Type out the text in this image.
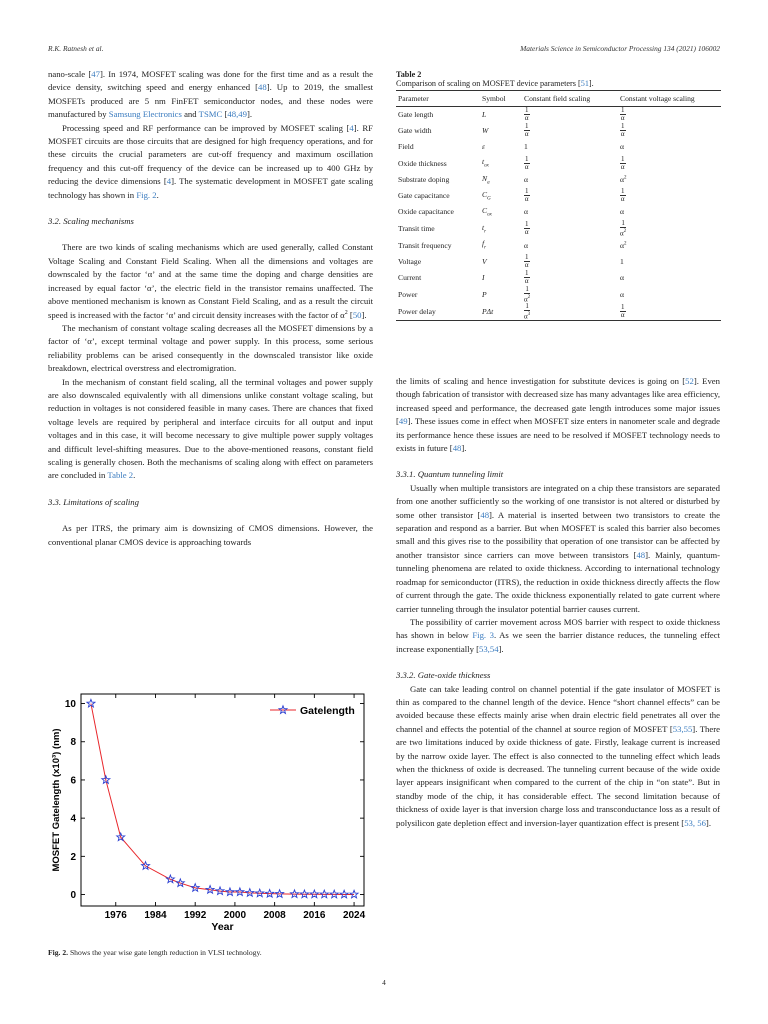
R.K. Ratnesh et al.	Materials Science in Semiconductor Processing 134 (2021) 106002

nano-scale [47]. In 1974, MOSFET scaling was done for the first time and as a result the device density, switching speed and energy enhanced [48]. Up to 2019, the smallest MOSFETs produced are 5 nm FinFET semiconductor nodes, and these nodes were manufactured by Samsung Electronics and TSMC [48,49].

Processing speed and RF performance can be improved by MOSFET scaling [4]. RF MOSFET circuits are those circuits that are designed for high frequency operations, and for these circuits the crucial parameters are cut-off frequency and maximum oscillation frequency and this cut-off frequency of the device can be increased up to 400 GHz by reducing the device dimensions [4]. The systematic development in MOSFET gate scaling technology has shown in Fig. 2.

3.2. Scaling mechanisms

There are two kinds of scaling mechanisms which are used generally, called Constant Voltage Scaling and Constant Field Scaling. When all the dimensions and voltages are downscaled by the factor ‘α’ and at the same time the doping and charge densities are increased by equal factor ‘α’, the electric field in the transistor remains unaffected. The above mentioned mechanism is known as Constant Field Scaling, and as a result the circuit speed is increased with the factor ‘α’ and circuit density increases with the factor of $\alpha^2$ [50].

The mechanism of constant voltage scaling decreases all the MOSFET dimensions by a factor of ‘α’, except terminal voltage and power supply. In this process, some serious reliability problems can be arised consequently in the downscaled transistor like oxide breakdown, electrical overstress and electromigration.

In the mechanism of constant field scaling, all the terminal voltages and power supply are also downscaled equivalently with all dimensions unlike constant voltage scaling, but reduction in voltages is not considered feasible in many cases. There are chances that fixed voltage levels are required by peripheral and interface circuits for all output and input voltages and in this case, it will become necessary to give multiple power supply voltages and difficult level-shifting measures. Due to the above-mentioned reasons, constant field scaling is generally chosen. Both the mechanisms of scaling along with effect on parameters are concluded in Table 2.

3.3. Limitations of scaling

As per ITRS, the primary aim is downsizing of CMOS dimensions. However, the conventional planar CMOS device is approaching towards

Table 2
Comparison of scaling on MOSFET device parameters [51].
Parameter	Symbol	Constant field scaling	Constant voltage scaling
Gate length	L	$\frac{1}{\alpha}$	$\frac{1}{\alpha}$

Gate width	W	$\frac{1}{\alpha}$	$\frac{1}{\alpha}$

Field	ε	1	α
Oxide thickness	$t_{ox}$	$\frac{1}{\alpha}$	$\frac{1}{\alpha}$

Substrate doping	$N_a$	α	$\alpha^2$
Gate capacitance	$C_G$	$\frac{1}{\alpha}$	$\frac{1}{\alpha}$

Oxide capacitance	$C_{ox}$	α	α
Transit time	$t_r$	$\frac{1}{\alpha}$	$\frac{1}{\alpha^2}$

Transit frequency	$f_r$	α	$\alpha^2$
Voltage	V	$\frac{1}{\alpha}$	1
Current	I	$\frac{1}{\alpha}$	α
Power	P	$\frac{1}{\alpha^2}$	α
Power delay	PΔt	$\frac{1}{\alpha^3}$	$\frac{1}{\alpha}$

the limits of scaling and hence investigation for substitute devices is going on [52]. Even though fabrication of transistor with decreased size has many advantages like area efficiency, increased speed and performance, the decreased gate length introduces some major issues [49]. These issues come in effect when MOSFET size enters in nanometer scale and degrade its performance hence these issues are need to be resolved if MOSFET technology needs to exists in future [48].

3.3.1. Quantum tunneling limit

Usually when multiple transistors are integrated on a chip these transistors are separated from one another sufficiently so the working of one transistor is not altered or disturbed by some other transistor [48]. A material is inserted between two transistors to create the separation and respond as a barrier. But when MOSFET is scaled this barrier also becomes small and this gives rise to the possibility that operation of one transistor can be affected by another transistor since carriers can move between transistors [48]. Mainly, quantum-tunneling phenomena are related to oxide thickness. According to international technology roadmap for semiconductor (ITRS), the reduction in oxide thickness directly affects the flow of current through the gate. The oxide thickness exponentially related to gate current where carrier tunneling through the insulator potential barrier causes current.

The possibility of carrier movement across MOS barrier with respect to oxide thickness has shown in below Fig. 3. As we seen the barrier distance reduces, the tunneling effect increase exponentially [53,54].

3.3.2. Gate-oxide thickness

Gate can take leading control on channel potential if the gate insulator of MOSFET is thin as compared to the channel length of the device. Hence “short channel effects” can be avoided because these effects mainly arise when drain electric field penetrates all over the channel and effects the potential of the channel at source region of MOSFET [53,55]. There are two limitations induced by oxide thickness of gate. Firstly, leakage current is increased by the narrow oxide layer. The effect is also connected to the tunneling effect which leads when the thickness of oxide is decreased. The tunneling current because of the wide oxide layer appears insignificant when compared to the current of the chip in “on state”. But in standby mode of the chip, it has considerable effect. The second limitation because of thickness of oxide layer is that inversion charge loss and transconductance loss as a result of polysilicon gate depletion effect and inversion-layer quantization effect is present [53, 56].

1976 1984 1992 2000 2008 2016 2024
0
2
4
6
8
10
Year
MOSFET Gatelength (x10³) (nm)
Gatelength
Fig. 2. Shows the year wise gate length reduction in VLSI technology.
4
